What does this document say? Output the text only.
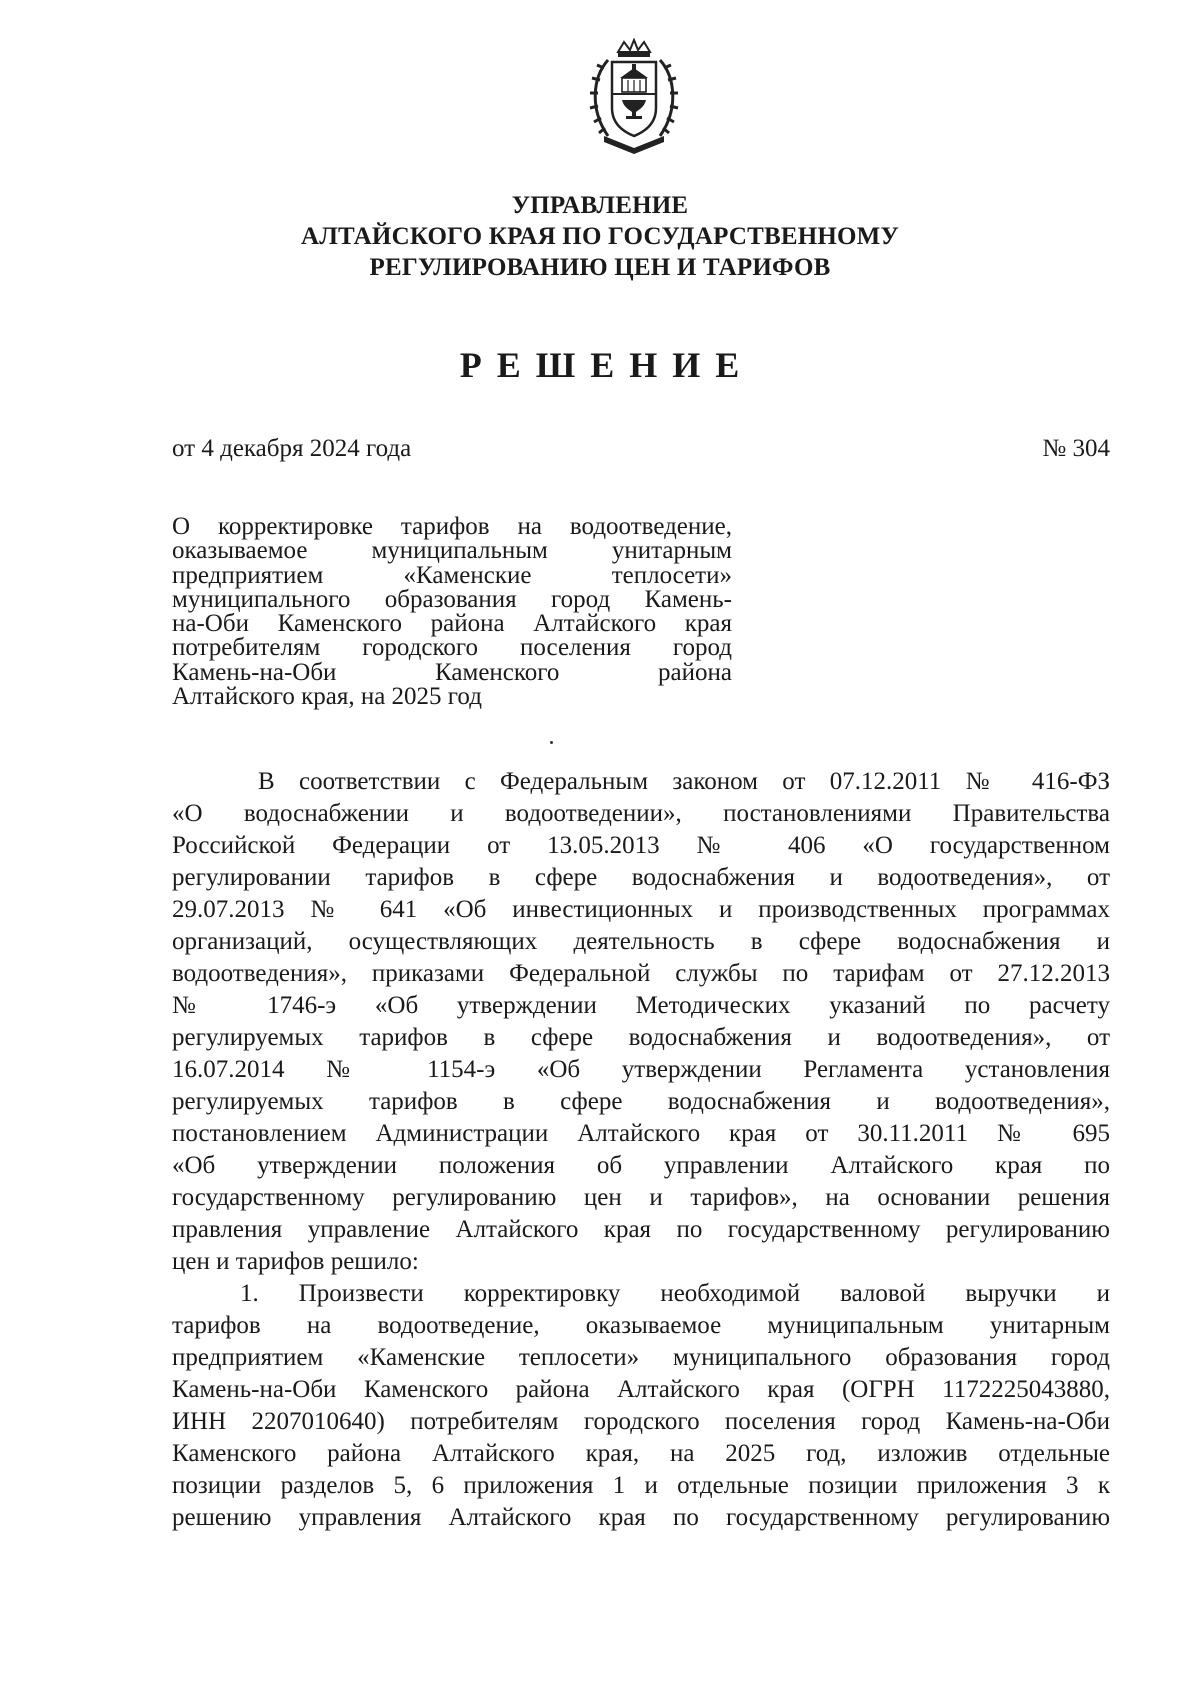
УПРАВЛЕНИЕ
АЛТАЙСКОГО КРАЯ ПО ГОСУДАРСТВЕННОМУ
РЕГУЛИРОВАНИЮ ЦЕН И ТАРИФОВ
РЕШЕНИЕ
от 4 декабря 2024 года	№ 304
О корректировке тарифов на водоотведение,
оказываемое муниципальным унитарным
предприятием «Каменские теплосети»
муниципального образования город Камень-
на-Оби Каменского района Алтайского края
потребителям городского поселения город
Камень-на-Оби Каменского района
Алтайского края, на 2025 год
В соответствии с Федеральным законом от 07.12.2011 № 416-ФЗ
«О водоснабжении и водоотведении», постановлениями Правительства
Российской Федерации от 13.05.2013 № 406 «О государственном
регулировании тарифов в сфере водоснабжения и водоотведения», от
29.07.2013 № 641 «Об инвестиционных и производственных программах
организаций, осуществляющих деятельность в сфере водоснабжения и
водоотведения», приказами Федеральной службы по тарифам от 27.12.2013
№ 1746-э «Об утверждении Методических указаний по расчету
регулируемых тарифов в сфере водоснабжения и водоотведения», от
16.07.2014 № 1154-э «Об утверждении Регламента установления
регулируемых тарифов в сфере водоснабжения и водоотведения»,
постановлением Администрации Алтайского края от 30.11.2011 № 695
«Об утверждении положения об управлении Алтайского края по
государственному регулированию цен и тарифов», на основании решения
правления управление Алтайского края по государственному регулированию
цен и тарифов решило:
1. Произвести корректировку необходимой валовой выручки и
тарифов на водоотведение, оказываемое муниципальным унитарным
предприятием «Каменские теплосети» муниципального образования город
Камень-на-Оби Каменского района Алтайского края (ОГРН 1172225043880,
ИНН 2207010640) потребителям городского поселения город Камень-на-Оби
Каменского района Алтайского края, на 2025 год, изложив отдельные
позиции разделов 5, 6 приложения 1 и отдельные позиции приложения 3 к
решению управления Алтайского края по государственному регулированию
